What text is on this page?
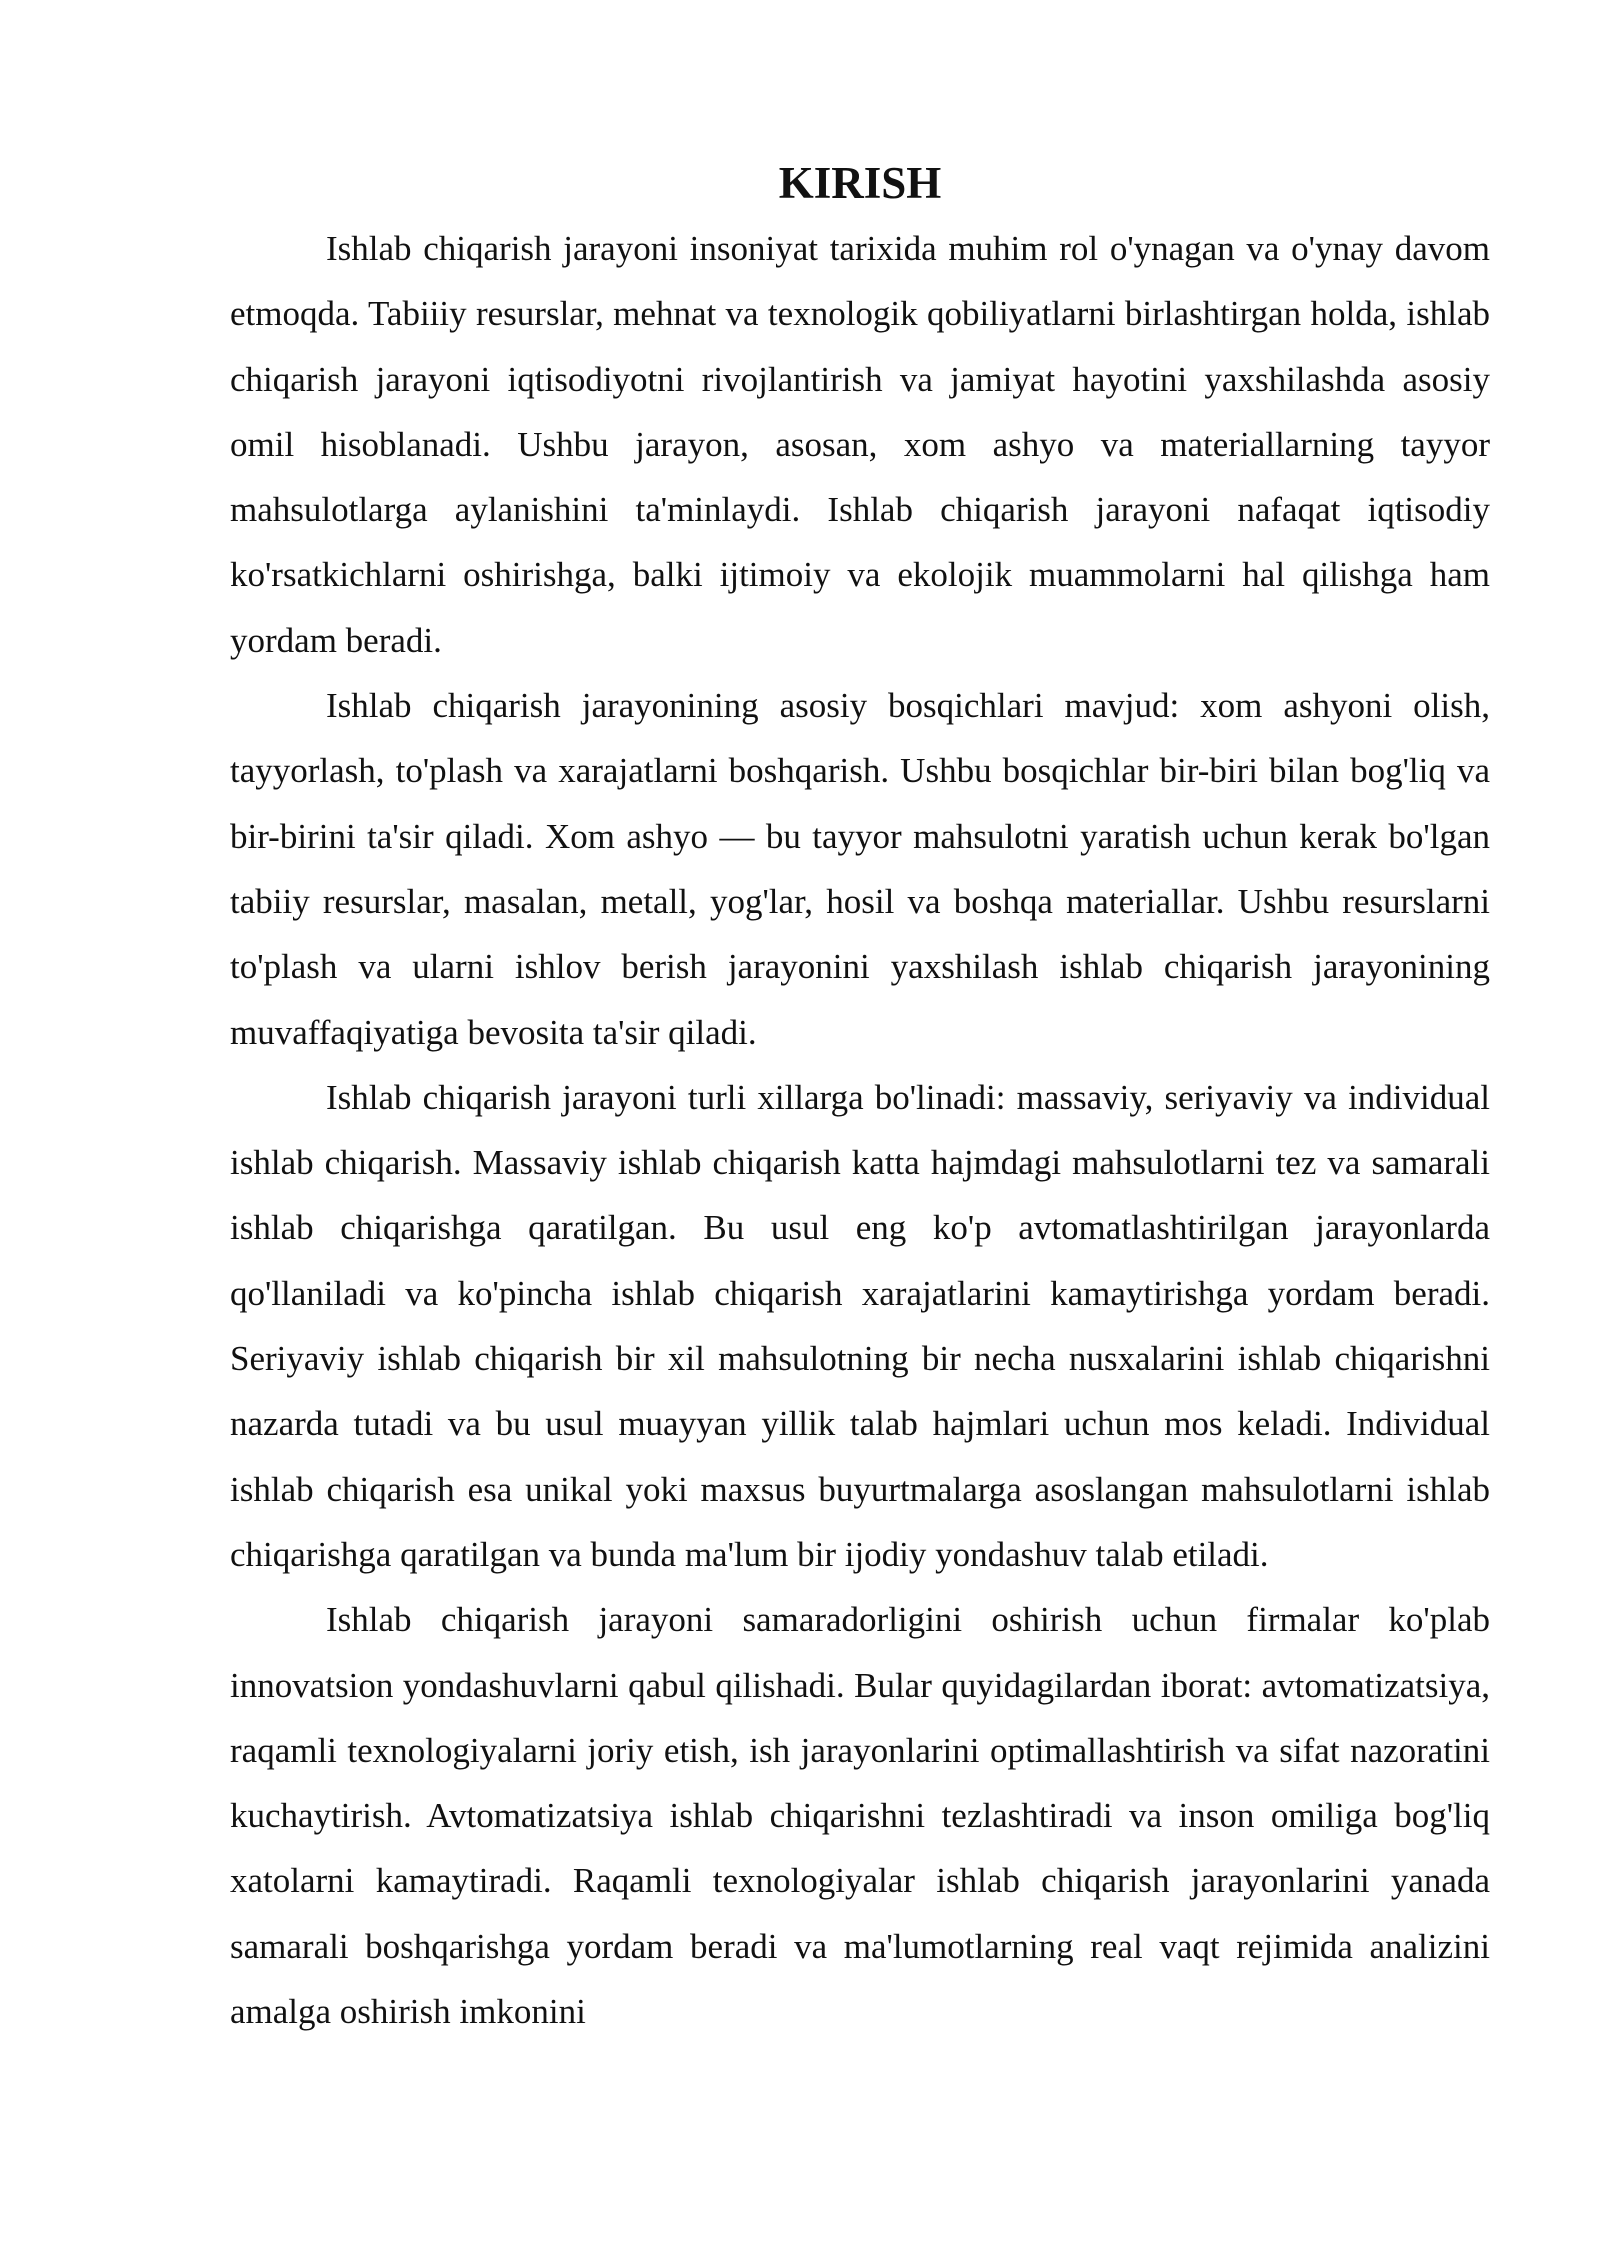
KIRISH

Ishlab chiqarish jarayoni insoniyat tarixida muhim rol o'ynagan va o'ynay davom etmoqda. Tabiiiy resurslar, mehnat va texnologik qobiliyatlarni birlashtirgan holda, ishlab chiqarish jarayoni iqtisodiyotni rivojlantirish va jamiyat hayotini yaxshilashda asosiy omil hisoblanadi. Ushbu jarayon, asosan, xom ashyo va materiallarning tayyor mahsulotlarga aylanishini ta'minlaydi. Ishlab chiqarish jarayoni nafaqat iqtisodiy ko'rsatkichlarni oshirishga, balki ijtimoiy va ekolojik muammolarni hal qilishga ham yordam beradi.

Ishlab chiqarish jarayonining asosiy bosqichlari mavjud: xom ashyoni olish, tayyorlash, to'plash va xarajatlarni boshqarish. Ushbu bosqichlar bir-biri bilan bog'liq va bir-birini ta'sir qiladi. Xom ashyo — bu tayyor mahsulotni yaratish uchun kerak bo'lgan tabiiy resurslar, masalan, metall, yog'lar, hosil va boshqa materiallar. Ushbu resurslarni to'plash va ularni ishlov berish jarayonini yaxshilash ishlab chiqarish jarayonining muvaffaqiyatiga bevosita ta'sir qiladi.

Ishlab chiqarish jarayoni turli xillarga bo'linadi: massaviy, seriyaviy va individual ishlab chiqarish. Massaviy ishlab chiqarish katta hajmdagi mahsulotlarni tez va samarali ishlab chiqarishga qaratilgan. Bu usul eng ko'p avtomatlashtirilgan jarayonlarda qo'llaniladi va ko'pincha ishlab chiqarish xarajatlarini kamaytirishga yordam beradi. Seriyaviy ishlab chiqarish bir xil mahsulotning bir necha nusxalarini ishlab chiqarishni nazarda tutadi va bu usul muayyan yillik talab hajmlari uchun mos keladi. Individual ishlab chiqarish esa unikal yoki maxsus buyurtmalarga asoslangan mahsulotlarni ishlab chiqarishga qaratilgan va bunda ma'lum bir ijodiy yondashuv talab etiladi.

Ishlab chiqarish jarayoni samaradorligini oshirish uchun firmalar ko'plab innovatsion yondashuvlarni qabul qilishadi. Bular quyidagilardan iborat: avtomatizatsiya, raqamli texnologiyalarni joriy etish, ish jarayonlarini optimallashtirish va sifat nazoratini kuchaytirish. Avtomatizatsiya ishlab chiqarishni tezlashtiradi va inson omiliga bog'liq xatolarni kamaytiradi. Raqamli texnologiyalar ishlab chiqarish jarayonlarini yanada samarali boshqarishga yordam beradi va ma'lumotlarning real vaqt rejimida analizini amalga oshirish imkonini
